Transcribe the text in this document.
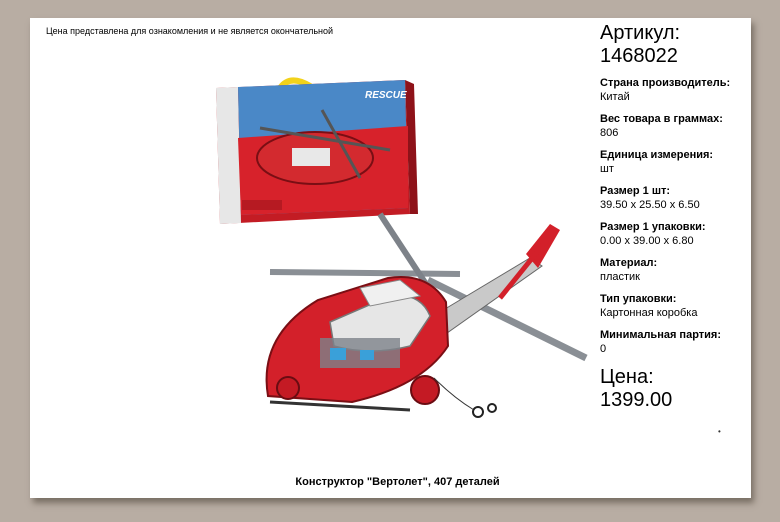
Цена представлена для ознакомления и не является окончательной
RESCUE
Конструктор "Вертолет", 407 деталей
•
Артикул:
1468022
Страна производитель:
Китай
Вес товара в граммах:
806
Единица измерения:
шт
Размер 1 шт:
39.50 x 25.50 x 6.50
Размер 1 упаковки:
0.00 x 39.00 x 6.80
Материал:
пластик
Тип упаковки:
Картонная коробка
Минимальная партия:
0
Цена:
1399.00
